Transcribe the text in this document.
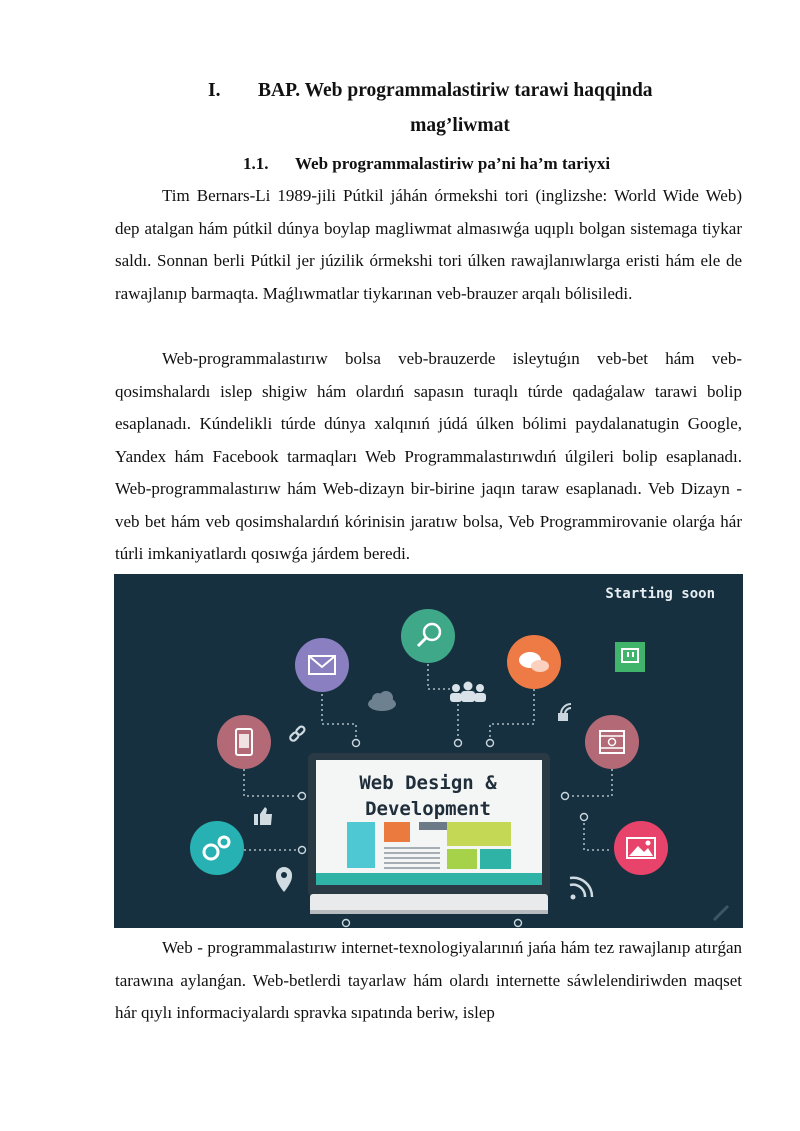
I. BAP. Web programmalastiriw tarawi haqqinda
mag’liwmat
1.1. Web programmalastiriw pa’ni ha’m tariyxi

Tim Bernars-Li 1989-jili Pútkil jáhán órmekshi tori (inglizshe: World Wide Web) dep atalgan hám pútkil dúnya boylap magliwmat almasıwǵa uqıplı bolgan sistemaga tiykar saldı. Sonnan berli Pútkil jer júzilik órmekshi tori úlken rawajlanıwlarga eristi hám ele de rawajlanıp barmaqta. Maǵlıwmatlar tiykarınan veb-brauzer arqalı bólisiledi.

Web-programmalastırıw bolsa veb-brauzerde isleytuǵın veb-bet hám veb-qosimshalardı islep shigiw hám olardıń sapasın turaqlı túrde qadaǵalaw tarawi bolip esaplanadı. Kúndelikli túrde dúnya xalqınıń júdá úlken bólimi paydalanatugin Google, Yandex hám Facebook tarmaqları Web Programmalastırıwdıń úlgileri bolip esaplanadı. Web-programmalastırıw hám Web-dizayn bir-birine jaqın taraw esaplanadı. Veb Dizayn - veb bet hám veb qosimshalardıń kórinisin jaratıw bolsa, Veb Programmirovanie olarǵa hár túrli imkaniyatlardı qosıwǵa járdem beredi.

Starting soon
Web Design &
Development

Web - programmalastırıw internet-texnologiyalarınıń jańa hám tez rawajlanıp atırǵan tarawına aylanǵan. Web-betlerdi tayarlaw hám olardı internette sáwlelendiriwden maqset hár qıylı informaciyalardı spravka sıpatında beriw, islep
